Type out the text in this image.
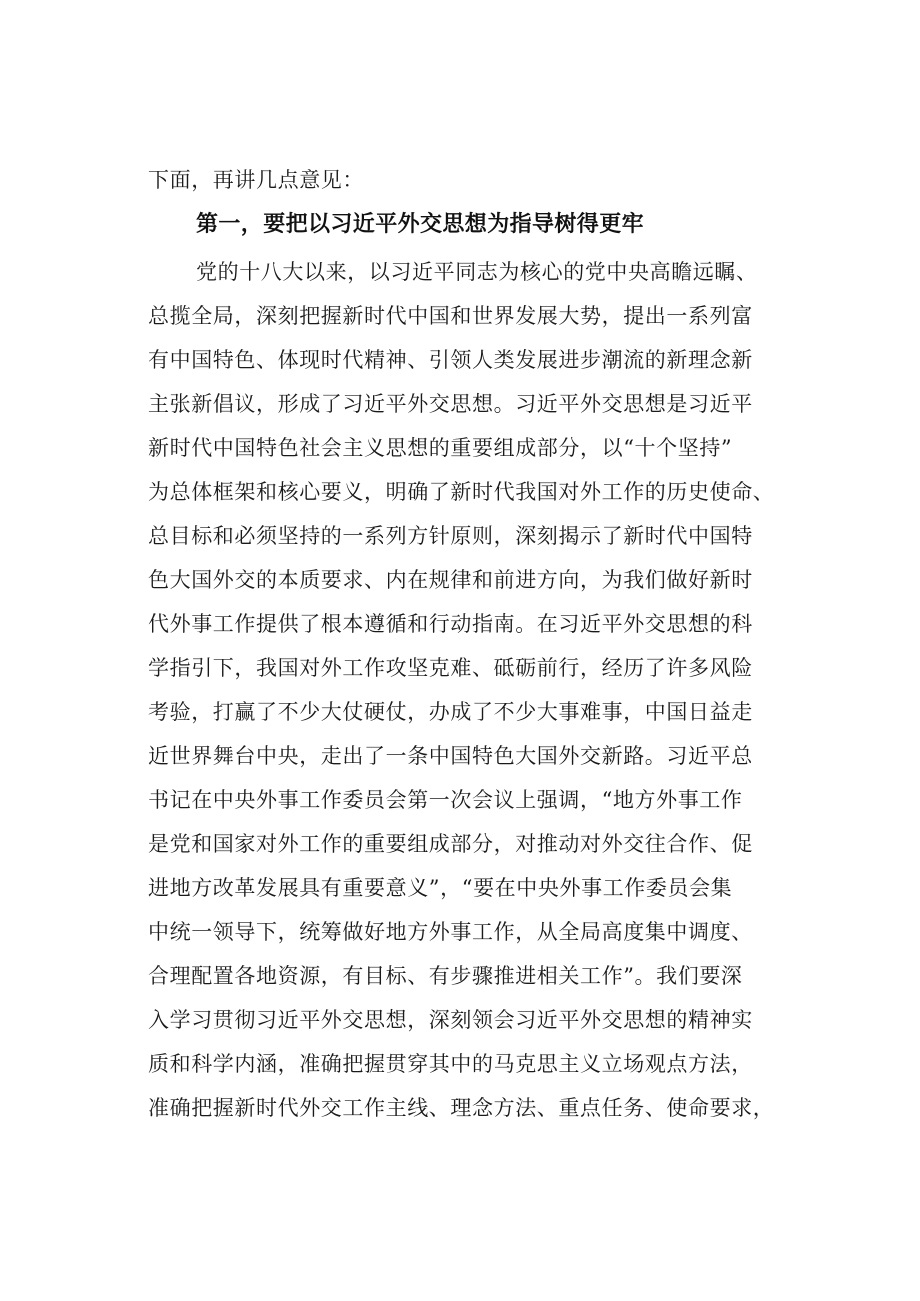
下面，再讲几点意见：
第一，要把以习近平外交思想为指导树得更牢
党的十八大以来，以习近平同志为核心的党中央高瞻远瞩、
总揽全局，深刻把握新时代中国和世界发展大势，提出一系列富
有中国特色、体现时代精神、引领人类发展进步潮流的新理念新
主张新倡议，形成了习近平外交思想。习近平外交思想是习近平
新时代中国特色社会主义思想的重要组成部分，以“十个坚持”
为总体框架和核心要义，明确了新时代我国对外工作的历史使命、
总目标和必须坚持的一系列方针原则，深刻揭示了新时代中国特
色大国外交的本质要求、内在规律和前进方向，为我们做好新时
代外事工作提供了根本遵循和行动指南。在习近平外交思想的科
学指引下，我国对外工作攻坚克难、砥砺前行，经历了许多风险
考验，打赢了不少大仗硬仗，办成了不少大事难事，中国日益走
近世界舞台中央，走出了一条中国特色大国外交新路。习近平总
书记在中央外事工作委员会第一次会议上强调，“地方外事工作
是党和国家对外工作的重要组成部分，对推动对外交往合作、促
进地方改革发展具有重要意义”，“要在中央外事工作委员会集
中统一领导下，统筹做好地方外事工作，从全局高度集中调度、
合理配置各地资源，有目标、有步骤推进相关工作”。我们要深
入学习贯彻习近平外交思想，深刻领会习近平外交思想的精神实
质和科学内涵，准确把握贯穿其中的马克思主义立场观点方法，
准确把握新时代外交工作主线、理念方法、重点任务、使命要求，
